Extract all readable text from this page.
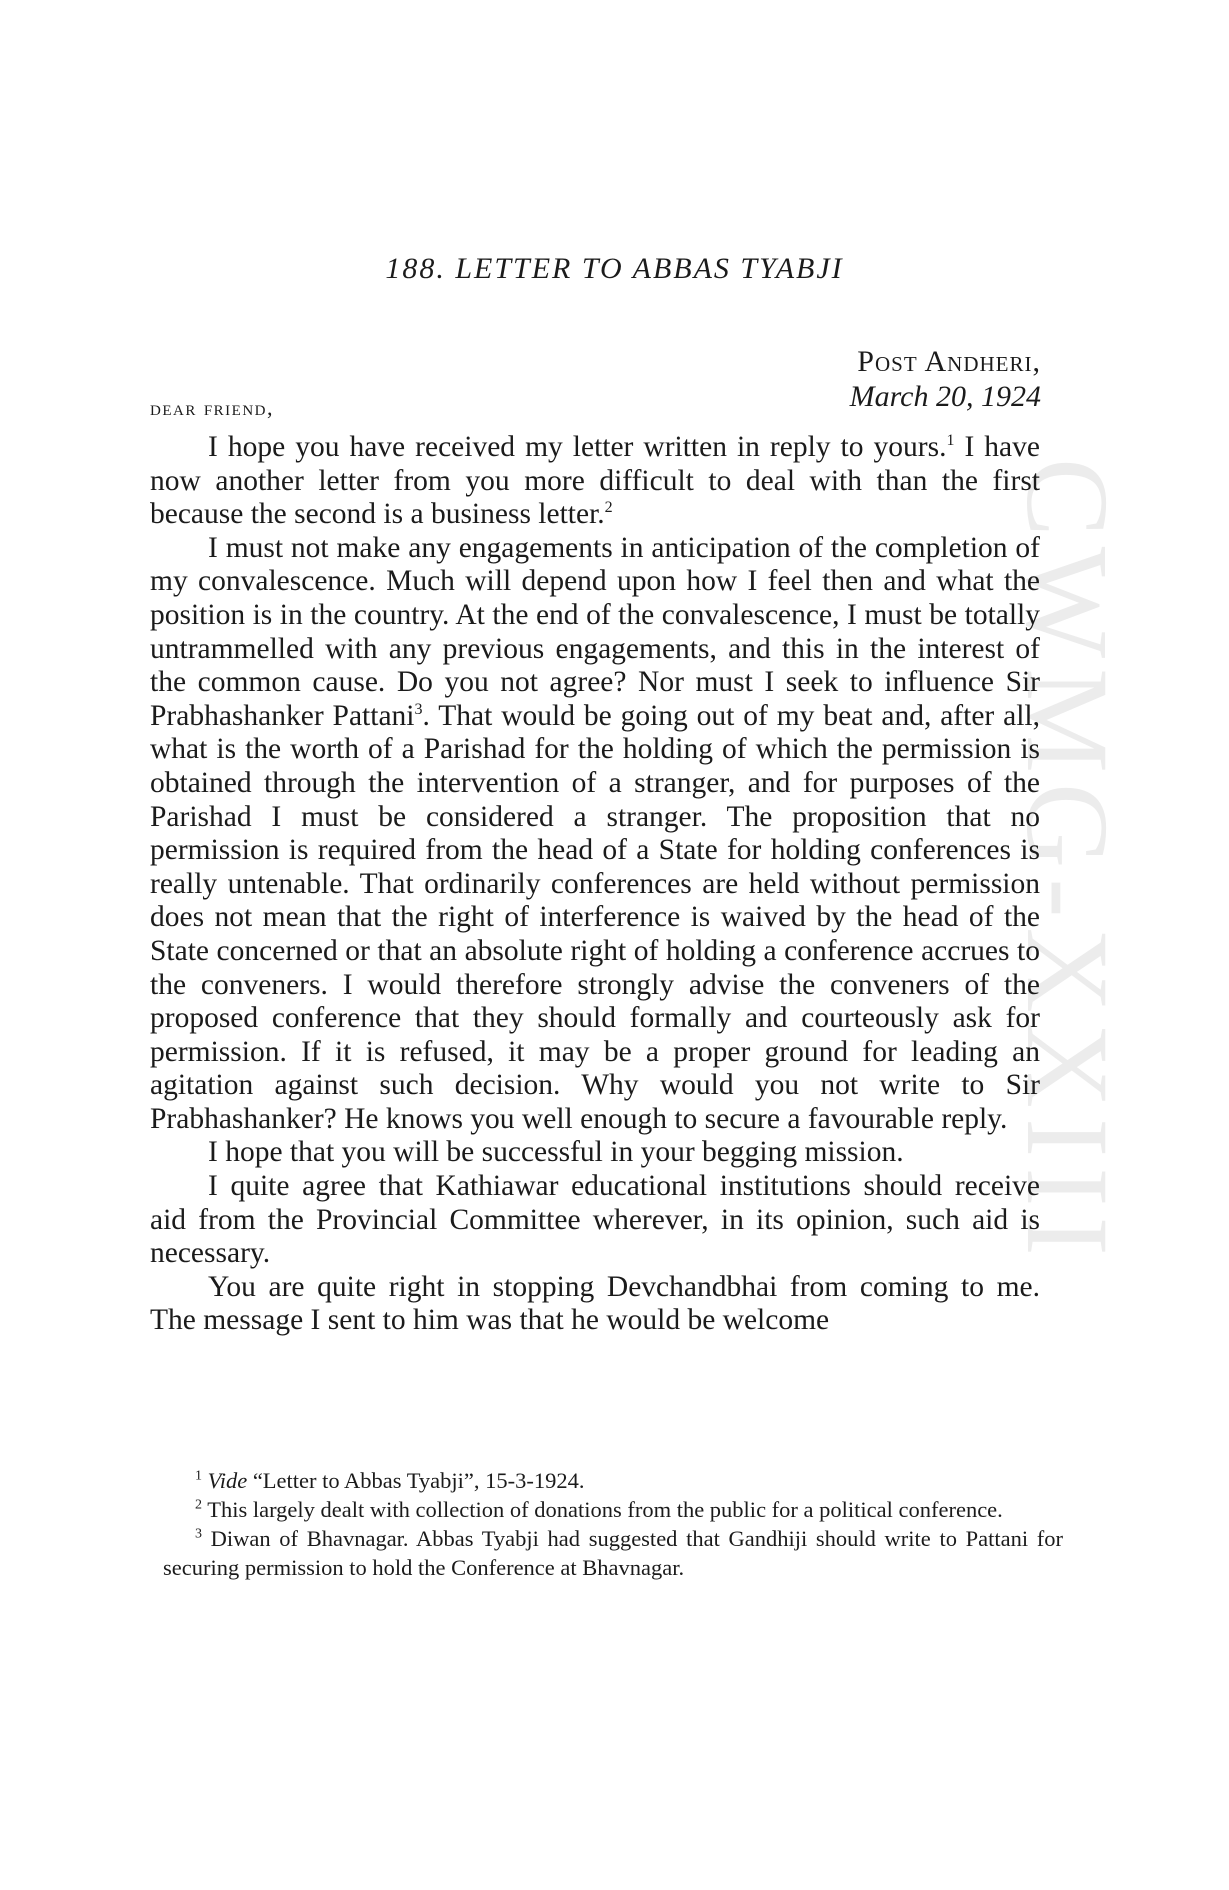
CWMG-XXIII
188. LETTER TO ABBAS TYABJI
Post Andheri,
March 20, 1924
dear friend,

I hope you have received my letter written in reply to yours.$^1$ I have now another letter from you more difficult to deal with than the first because the second is a business letter.$^2$

I must not make any engagements in anticipation of the completion of my convalescence. Much will depend upon how I feel then and what the position is in the country. At the end of the convalescence, I must be totally untrammelled with any previous engagements, and this in the interest of the common cause. Do you not agree? Nor must I seek to influence Sir Prabhashanker Pattani$^3$. That would be going out of my beat and, after all, what is the worth of a Parishad for the holding of which the permission is obtained through the intervention of a stranger, and for purposes of the Parishad I must be considered a stranger. The proposition that no permission is required from the head of a State for holding conferences is really untenable. That ordinarily conferences are held without permission does not mean that the right of interference is waived by the head of the State concerned or that an absolute right of holding a conference accrues to the conveners. I would therefore strongly advise the conveners of the proposed conference that they should formally and courteously ask for permission. If it is refused, it may be a proper ground for leading an agitation against such decision. Why would you not write to Sir Prabhashanker? He knows you well enough to secure a favourable reply.

I hope that you will be successful in your begging mission.

I quite agree that Kathiawar educational institutions should receive aid from the Provincial Committee wherever, in its opinion, such aid is necessary.

You are quite right in stopping Devchandbhai from coming to me. The message I sent to him was that he would be welcome

$^1$ Vide “Letter to Abbas Tyabji”, 15-3-1924.

$^2$ This largely dealt with collection of donations from the public for a political conference.

$^3$ Diwan of Bhavnagar. Abbas Tyabji had suggested that Gandhiji should write to Pattani for securing permission to hold the Conference at Bhavnagar.
